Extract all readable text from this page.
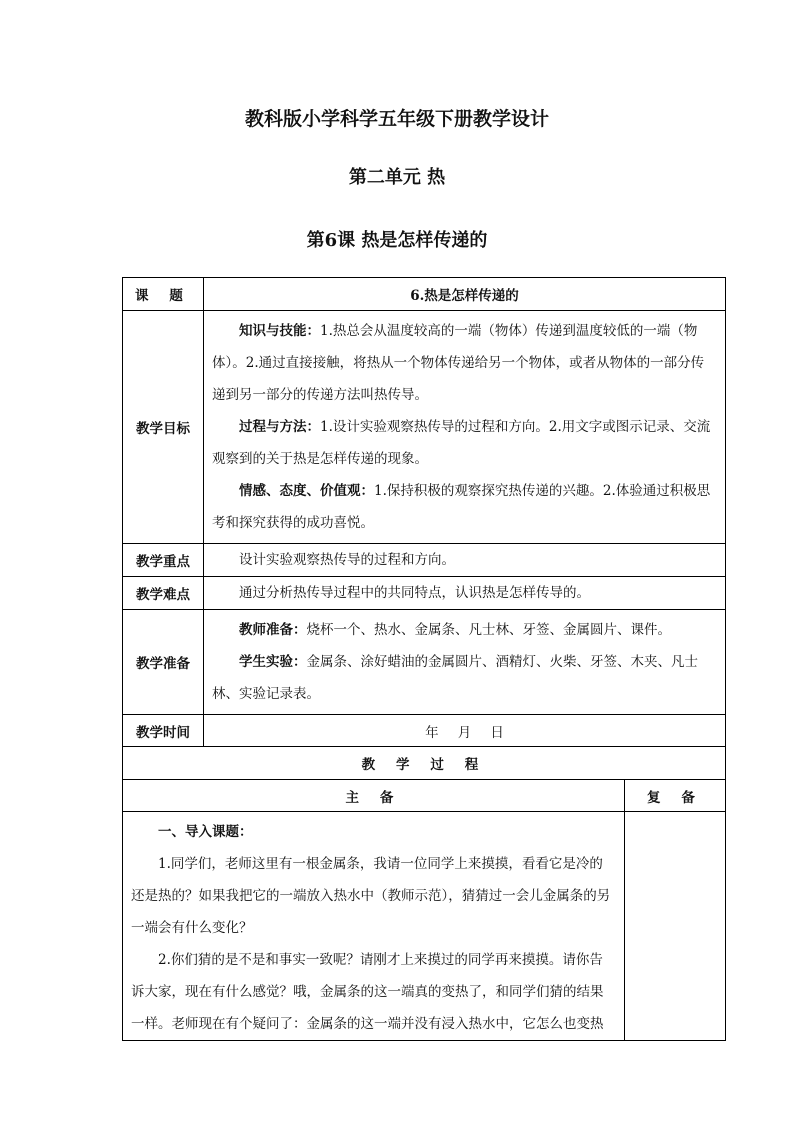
教科版小学科学五年级下册教学设计
第二单元 热
第6课 热是怎样传递的
课 题	6.热是怎样传递的	
教学目标	知识与技能：1.热总会从温度较高的一端（物体）传递到温度较低的一端（物体）。2.通过直接接触，将热从一个物体传递给另一个物体，或者从物体的一部分传递到另一部分的传递方法叫热传导。

过程与方法：1.设计实验观察热传导的过程和方向。2.用文字或图示记录、交流观察到的关于热是怎样传递的现象。

情感、态度、价值观：1.保持积极的观察探究热传递的兴趣。2.体验通过积极思考和探究获得的成功喜悦。	

教学重点	设计实验观察热传导的过程和方向。	

教学难点	通过分析热传导过程中的共同特点，认识热是怎样传导的。	

教学准备	教师准备：烧杯一个、热水、金属条、凡士林、牙签、金属圆片、课件。

学生实验：金属条、涂好蜡油的金属圆片、酒精灯、火柴、牙签、木夹、凡士林、实验记录表。	

教学时间	年 月 日	
教 学 过 程		
主 备		复 备

一、导入课题：

1.同学们，老师这里有一根金属条，我请一位同学上来摸摸，看看它是冷的还是热的？如果我把它的一端放入热水中（教师示范），猜猜过一会儿金属条的另一端会有什么变化？

2.你们猜的是不是和事实一致呢？请刚才上来摸过的同学再来摸摸。请你告诉大家，现在有什么感觉？哦，金属条的这一端真的变热了，和同学们猜的结果一样。老师现在有个疑问了：金属条的这一端并没有浸入热水中，它怎么也变热		
